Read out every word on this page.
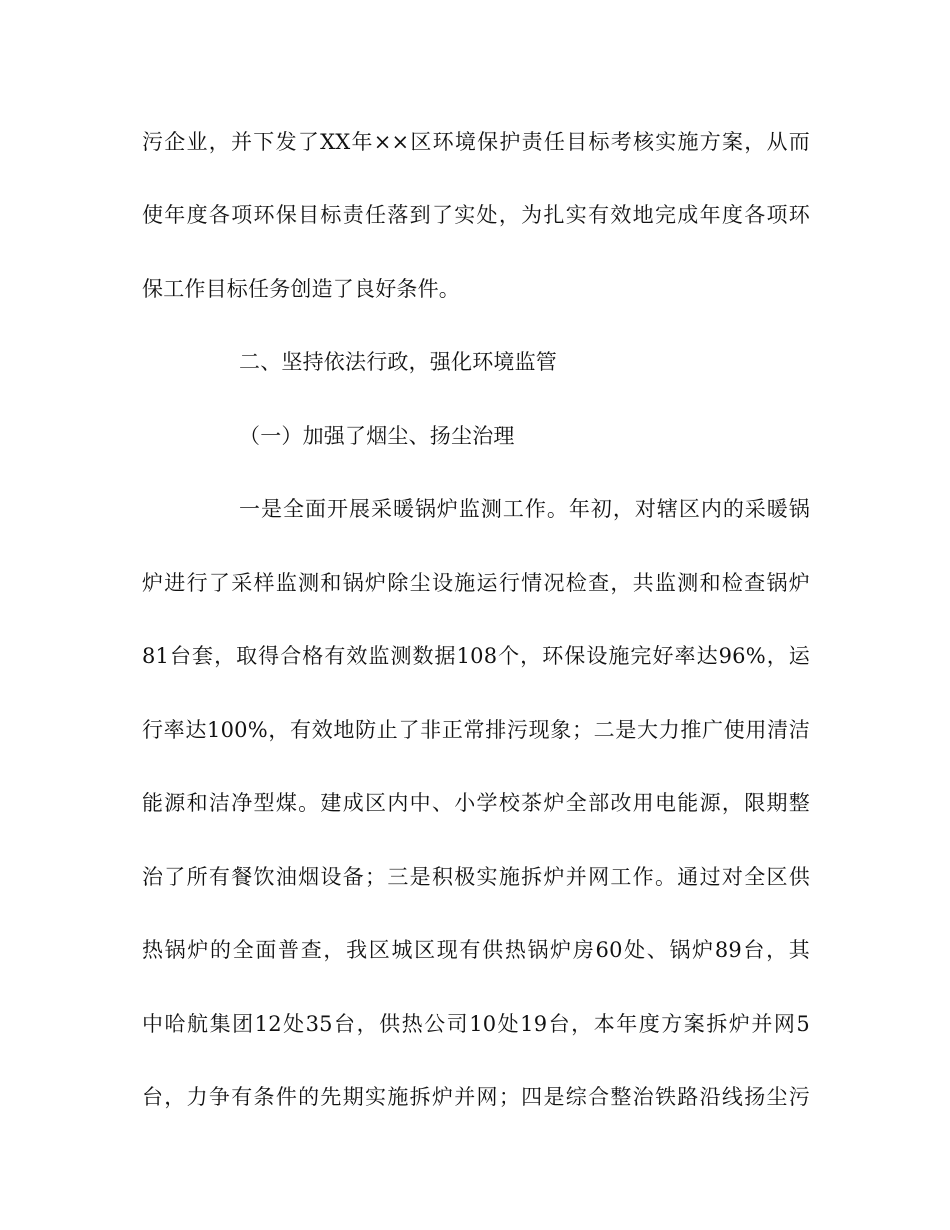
污企业，并下发了XX年××区环境保护责任目标考核实施方案，从而
使年度各项环保目标责任落到了实处，为扎实有效地完成年度各项环
保工作目标任务创造了良好条件。
二、坚持依法行政，强化环境监管
（一）加强了烟尘、扬尘治理
一是全面开展采暖锅炉监测工作。年初，对辖区内的采暖锅
炉进行了采样监测和锅炉除尘设施运行情况检查，共监测和检查锅炉
81台套，取得合格有效监测数据108个，环保设施完好率达96%，运
行率达100%，有效地防止了非正常排污现象；二是大力推广使用清洁
能源和洁净型煤。建成区内中、小学校茶炉全部改用电能源，限期整
治了所有餐饮油烟设备；三是积极实施拆炉并网工作。通过对全区供
热锅炉的全面普查，我区城区现有供热锅炉房60处、锅炉89台，其
中哈航集团12处35台，供热公司10处19台，本年度方案拆炉并网5
台，力争有条件的先期实施拆炉并网；四是综合整治铁路沿线扬尘污
